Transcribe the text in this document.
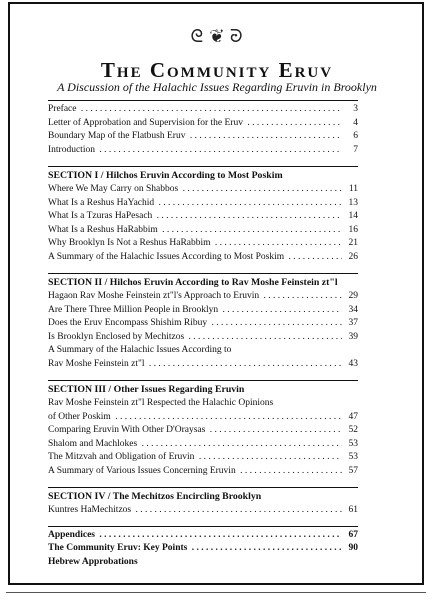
ᘓ ❦ ᘒ
The Community Eruv
A Discussion of the Halachic Issues Regarding Eruvin in Brooklyn
Preface . . .	3
Letter of Approbation and Supervision for the Eruv . . .	4
Boundary Map of the Flatbush Eruv . . .	6
Introduction . . .	7
SECTION I / Hilchos Eruvin According to Most Poskim
Where We May Carry on Shabbos . . .	11
What Is a Reshus HaYachid . . .	13
What Is a Tzuras HaPesach . . .	14
What Is a Reshus HaRabbim . . .	16
Why Brooklyn Is Not a Reshus HaRabbim . . .	21
A Summary of the Halachic Issues According to Most Poskim . . .	26
SECTION II / Hilchos Eruvin According to Rav Moshe Feinstein zt"l
Hagaon Rav Moshe Feinstein zt"l's Approach to Eruvin . . .	29
Are There Three Million People in Brooklyn . . .	34
Does the Eruv Encompass Shishim Ribuy . . .	37
Is Brooklyn Enclosed by Mechitzos . . .	39
A Summary of the Halachic Issues According to
Rav Moshe Feinstein zt"l . . .	43
SECTION III / Other Issues Regarding Eruvin
Rav Moshe Feinstein zt"l Respected the Halachic Opinions
of Other Poskim . . .	47
Comparing Eruvin With Other D'Oraysas . . .	52
Shalom and Machlokes . . .	53
The Mitzvah and Obligation of Eruvin . . .	53
A Summary of Various Issues Concerning Eruvin . . .	57
SECTION IV / The Mechitzos Encircling Brooklyn
Kuntres HaMechitzos . . .	61
Appendices . . .	67
The Community Eruv: Key Points . . .	90
Hebrew Approbations
